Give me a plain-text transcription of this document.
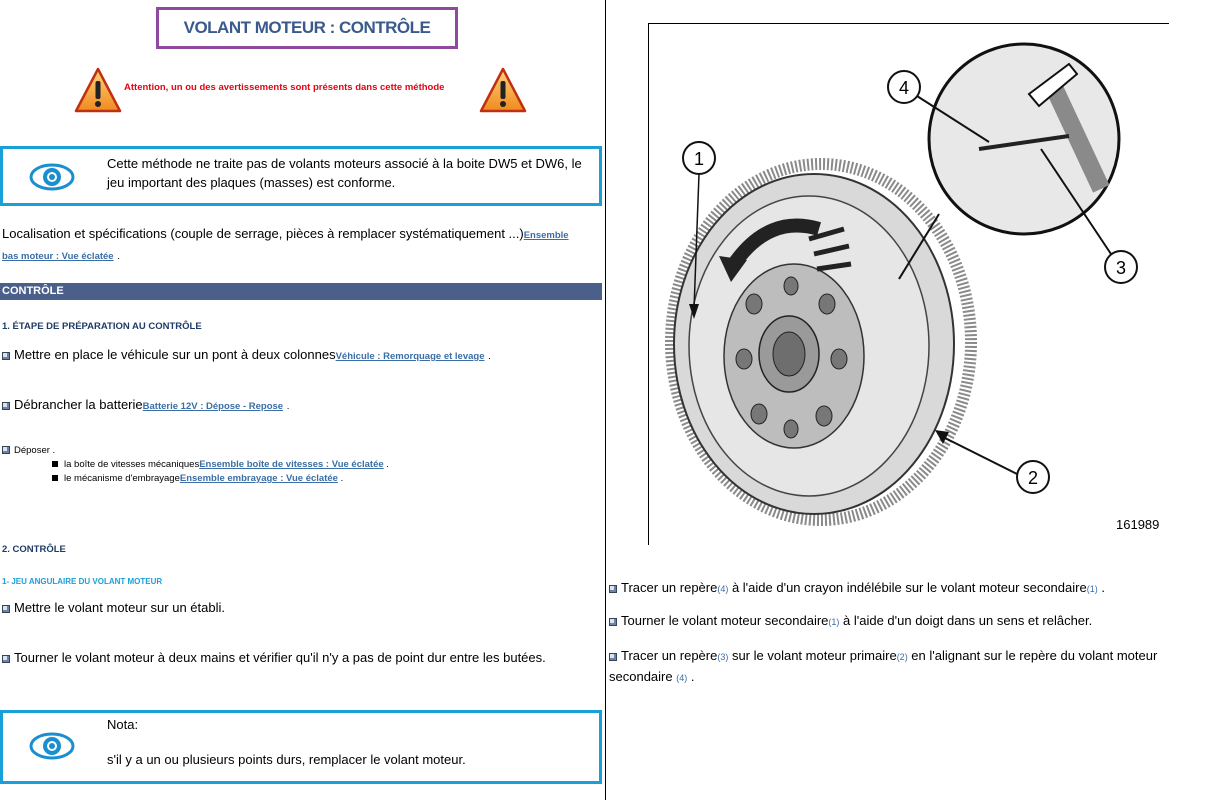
VOLANT MOTEUR : CONTRÔLE
Attention, un ou des avertissements sont présents dans cette méthode
Cette méthode ne traite pas de volants moteurs associé à la boite DW5 et DW6, le
jeu important des plaques (masses) est conforme.
Localisation et spécifications (couple de serrage, pièces à remplacer systématiquement ...)Ensemble
bas moteur : Vue éclatée .
CONTRÔLE
1. ÉTAPE DE PRÉPARATION AU CONTRÔLE
Mettre en place le véhicule sur un pont à deux colonnesVéhicule : Remorquage et levage .
Débrancher la batterieBatterie 12V : Dépose - Repose .
Déposer .
la boîte de vitesses mécaniquesEnsemble boîte de vitesses : Vue éclatée .
le mécanisme d'embrayageEnsemble embrayage : Vue éclatée .
2. CONTRÔLE
1- JEU ANGULAIRE DU VOLANT MOTEUR
Mettre le volant moteur sur un établi.
Tourner le volant moteur à deux mains et vérifier qu'il n'y a pas de point dur entre les butées.
Nota:
s'il y a un ou plusieurs points durs, remplacer le volant moteur.
1
4
3
2
161989
Tracer un repère(4) à l'aide d'un crayon indélébile sur le volant moteur secondaire(1) .
Tourner le volant moteur secondaire(1) à l'aide d'un doigt dans un sens et relâcher.
Tracer un repère(3) sur le volant moteur primaire(2) en l'alignant sur le repère du volant moteur
secondaire (4) .
